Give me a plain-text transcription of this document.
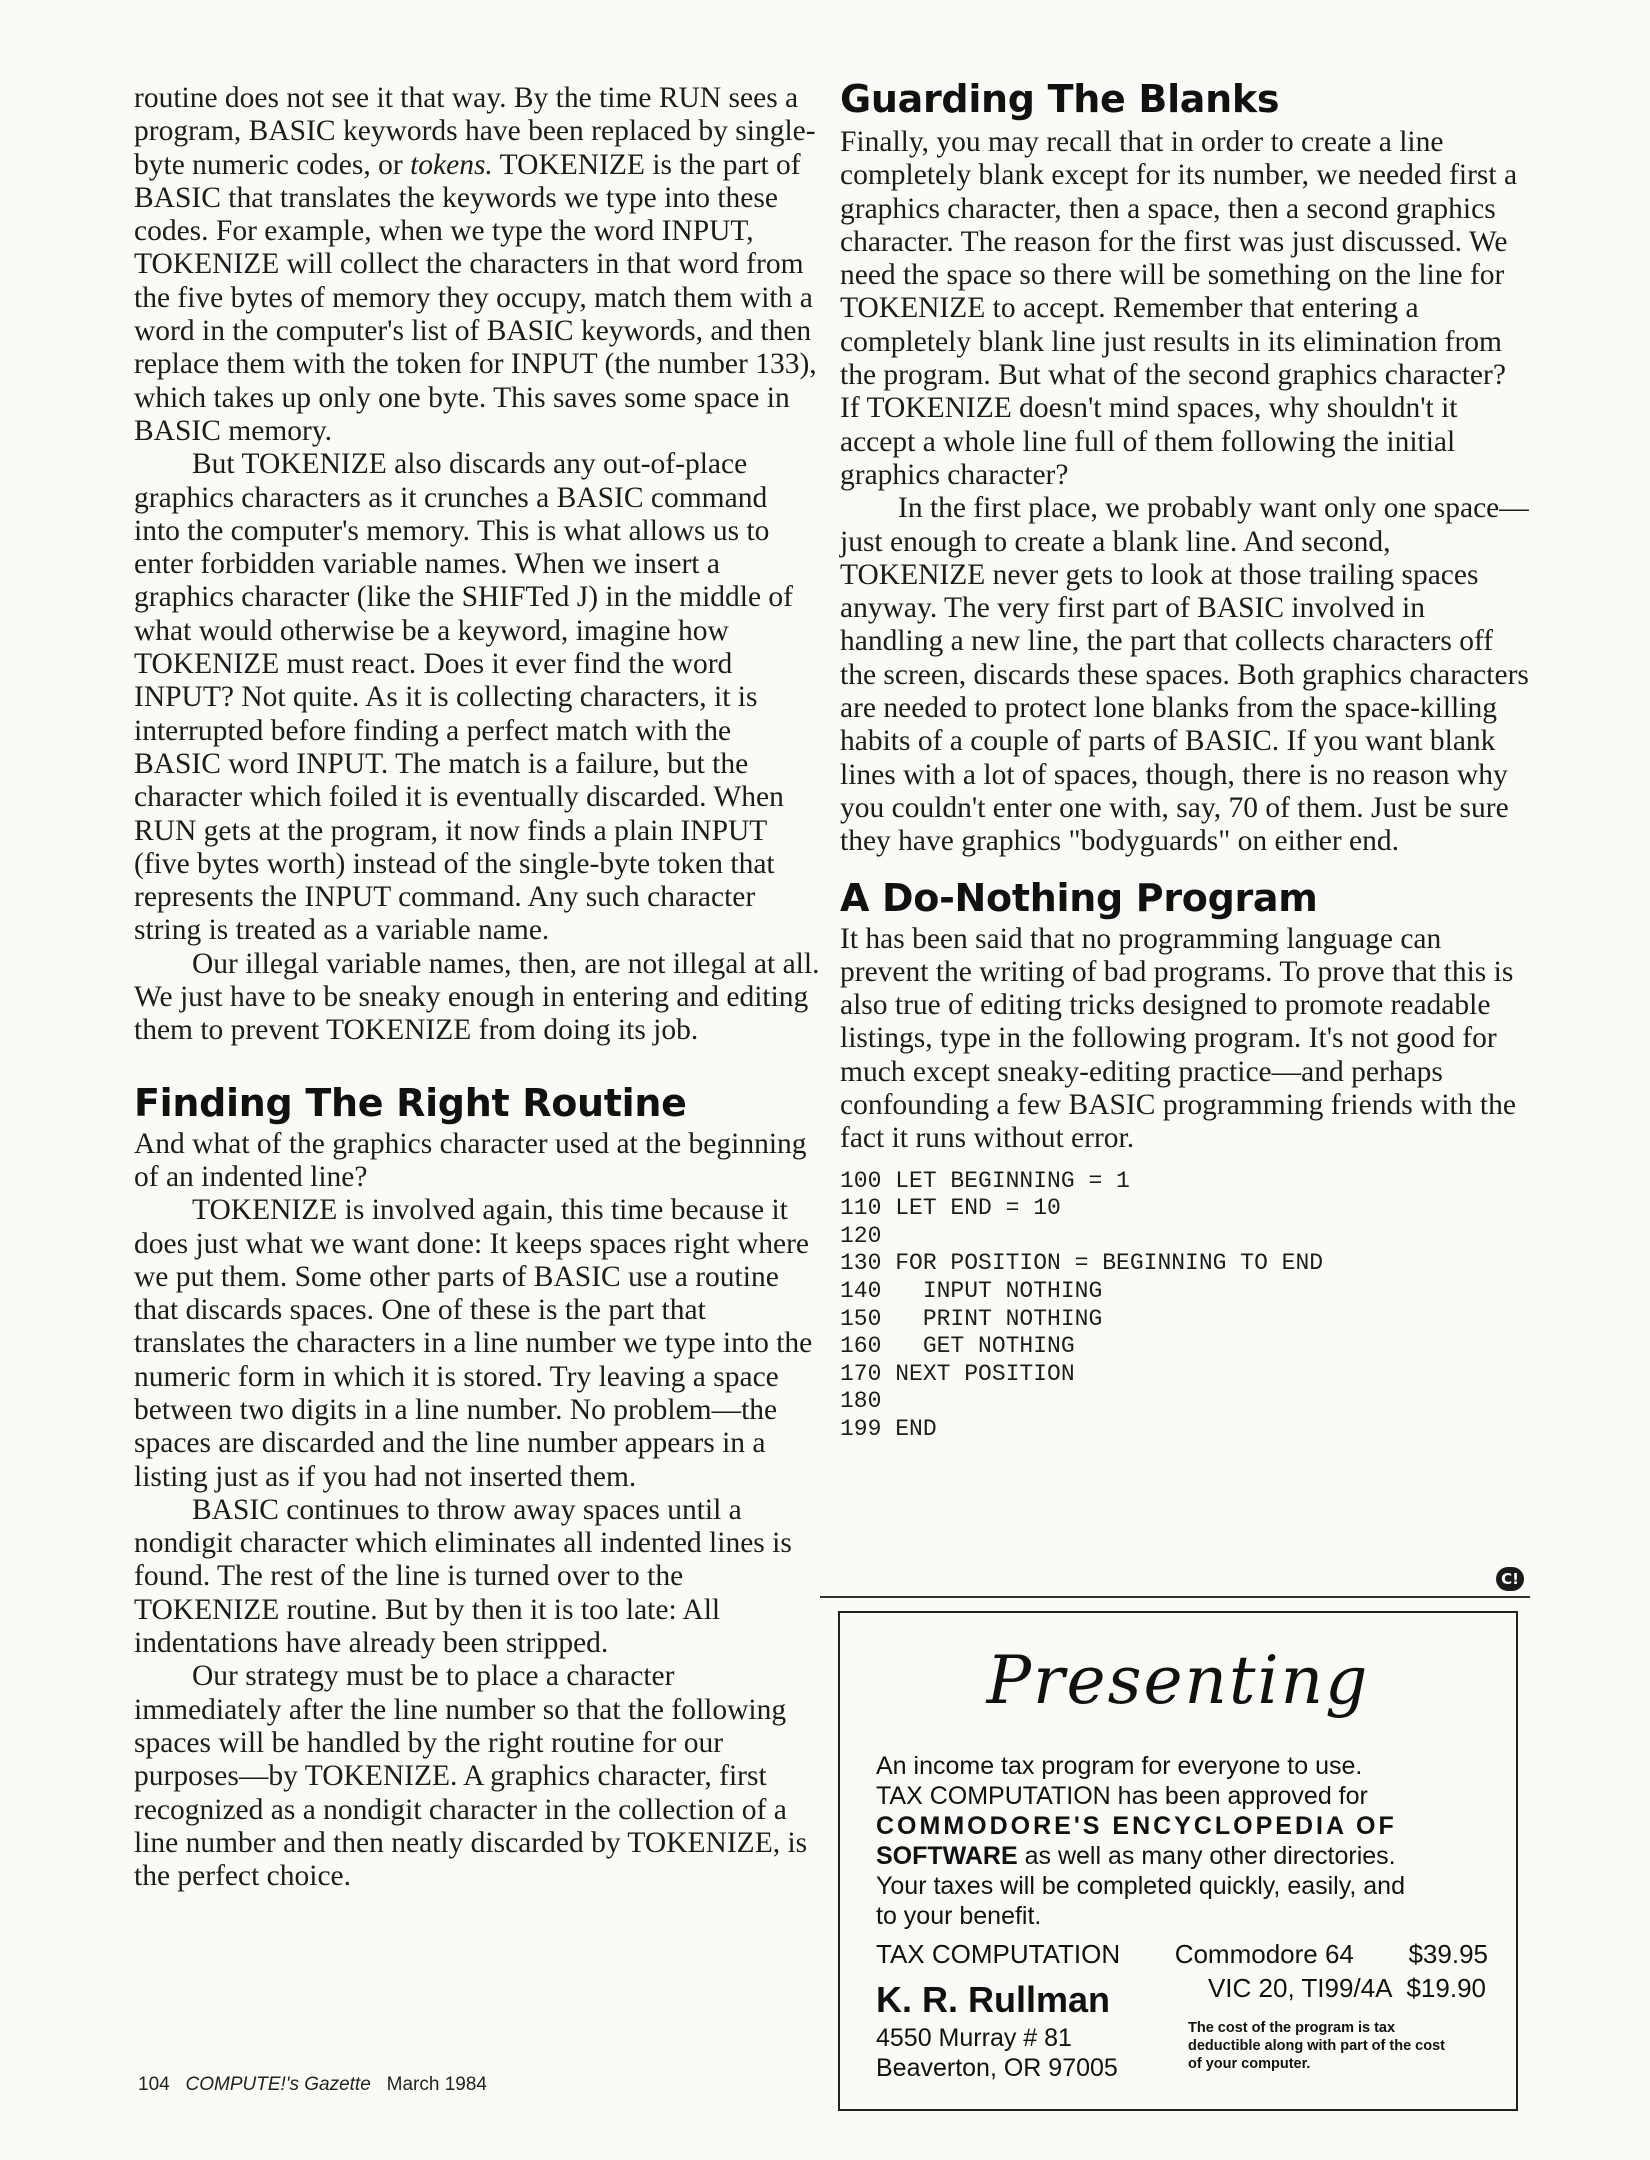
routine does not see it that way. By the time RUN sees a program, BASIC keywords have been replaced by single-byte numeric codes, or tokens. TOKENIZE is the part of BASIC that translates the keywords we type into these codes. For example, when we type the word INPUT, TOKENIZE will collect the characters in that word from the five bytes of memory they occupy, match them with a word in the computer's list of BASIC keywords, and then replace them with the token for INPUT (the number 133), which takes up only one byte. This saves some space in BASIC memory.

But TOKENIZE also discards any out-of-place graphics characters as it crunches a BASIC command into the computer's memory. This is what allows us to enter forbidden variable names. When we insert a graphics character (like the SHIFTed J) in the middle of what would otherwise be a keyword, imagine how TOKENIZE must react. Does it ever find the word INPUT? Not quite. As it is collecting characters, it is interrupted before finding a perfect match with the BASIC word INPUT. The match is a failure, but the character which foiled it is eventually discarded. When RUN gets at the program, it now finds a plain INPUT (five bytes worth) instead of the single-byte token that represents the INPUT command. Any such character string is treated as a variable name.

Our illegal variable names, then, are not illegal at all. We just have to be sneaky enough in entering and editing them to prevent TOKENIZE from doing its job.

Finding The Right Routine

And what of the graphics character used at the beginning of an indented line?

TOKENIZE is involved again, this time because it does just what we want done: It keeps spaces right where we put them. Some other parts of BASIC use a routine that discards spaces. One of these is the part that translates the characters in a line number we type into the numeric form in which it is stored. Try leaving a space between two digits in a line number. No problem—the spaces are discarded and the line number appears in a listing just as if you had not inserted them.

BASIC continues to throw away spaces until a nondigit character which eliminates all indented lines is found. The rest of the line is turned over to the TOKENIZE routine. But by then it is too late: All indentations have already been stripped.

Our strategy must be to place a character immediately after the line number so that the following spaces will be handled by the right routine for our purposes—by TOKENIZE. A graphics character, first recognized as a nondigit character in the collection of a line number and then neatly discarded by TOKENIZE, is the perfect choice.

Guarding The Blanks

Finally, you may recall that in order to create a line completely blank except for its number, we needed first a graphics character, then a space, then a second graphics character. The reason for the first was just discussed. We need the space so there will be something on the line for TOKENIZE to accept. Remember that entering a completely blank line just results in its elimination from the program. But what of the second graphics character? If TOKENIZE doesn't mind spaces, why shouldn't it accept a whole line full of them following the initial graphics character?

In the first place, we probably want only one space—just enough to create a blank line. And second, TOKENIZE never gets to look at those trailing spaces anyway. The very first part of BASIC involved in handling a new line, the part that collects characters off the screen, discards these spaces. Both graphics characters are needed to protect lone blanks from the space-killing habits of a couple of parts of BASIC. If you want blank lines with a lot of spaces, though, there is no reason why you couldn't enter one with, say, 70 of them. Just be sure they have graphics "bodyguards" on either end.

A Do-Nothing Program

It has been said that no programming language can prevent the writing of bad programs. To prove that this is also true of editing tricks designed to promote readable listings, type in the following program. It's not good for much except sneaky-editing practice—and perhaps confounding a few BASIC programming friends with the fact it runs without error.

100 LET BEGINNING = 1
110 LET END = 10
120
130 FOR POSITION = BEGINNING TO END
140   INPUT NOTHING
150   PRINT NOTHING
160   GET NOTHING
170 NEXT POSITION
180
199 END
C!
Presenting
An income tax program for everyone to use.
TAX COMPUTATION has been approved for
COMMODORE'S ENCYCLOPEDIA OF
SOFTWARE as well as many other directories.
Your taxes will be completed quickly, easily, and
to your benefit.
TAX COMPUTATION Commodore 64 $39.95
VIC 20, TI99/4A $19.90
K. R. Rullman
4550 Murray # 81
Beaverton, OR 97005
The cost of the program is tax deductible along with part of the cost of your computer.
104 COMPUTE!'s Gazette March 1984
